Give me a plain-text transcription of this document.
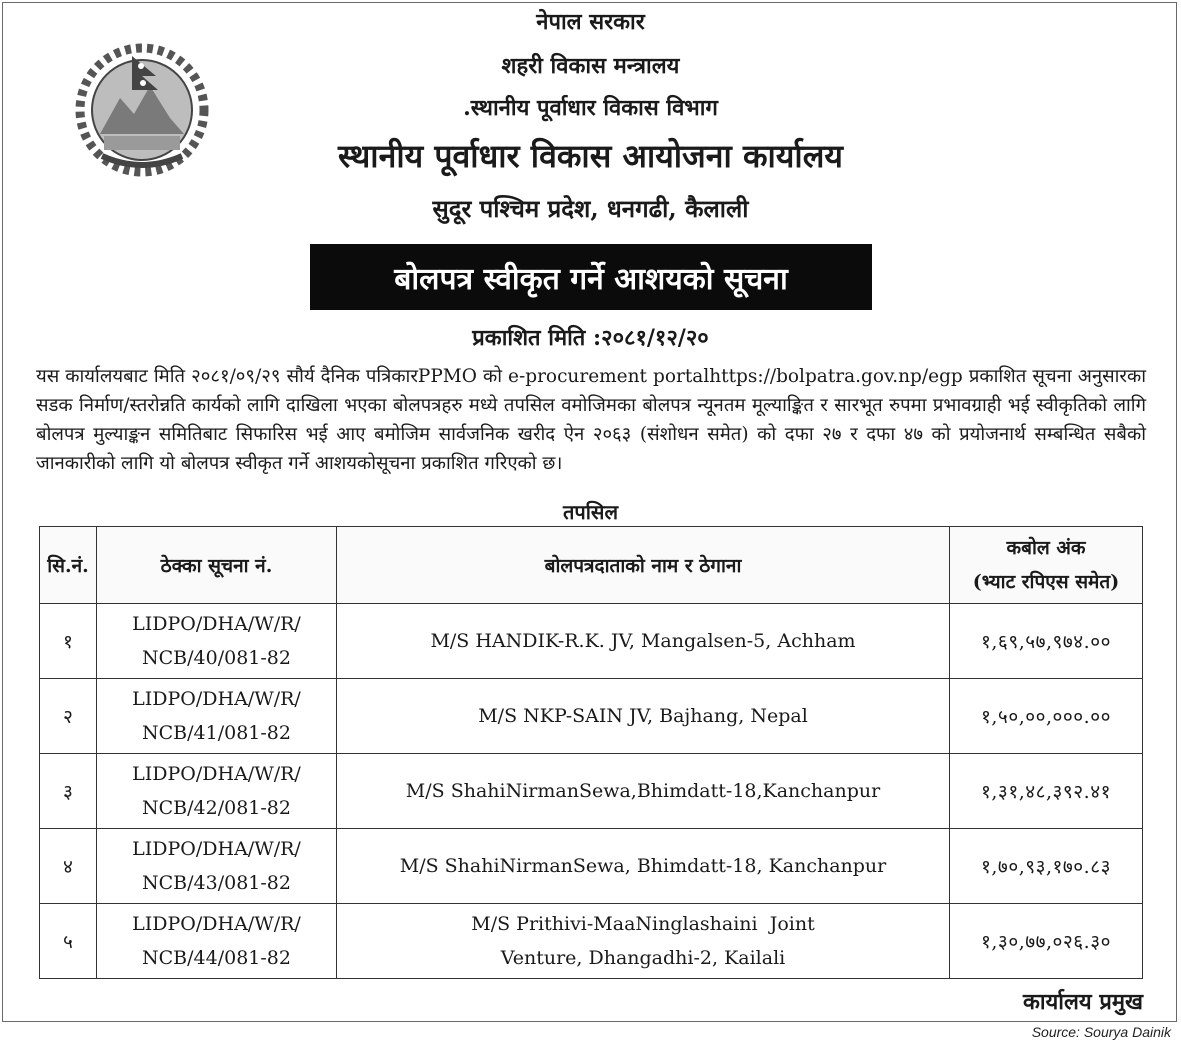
नेपाल सरकार
शहरी विकास मन्त्रालय
.स्थानीय पूर्वाधार विकास विभाग
स्थानीय पूर्वाधार विकास आयोजना कार्यालय
सुदूर पश्चिम प्रदेश, धनगढी, कैलाली
बोलपत्र स्वीकृत गर्ने आशयको सूचना
प्रकाशित मिति :२०८१/१२/२०
यस कार्यालयबाट मिति २०८१/०९/२९ सौर्य दैनिक पत्रिकारPPMO को e-procurement portalhttps://bolpatra.gov.np/egp प्रकाशित सूचना अनुसारका सडक निर्माण/स्तरोन्नति कार्यको लागि दाखिला भएका बोलपत्रहरु मध्ये तपसिल वमोजिमका बोलपत्र न्यूनतम मूल्याङ्कित र सारभूत रुपमा प्रभावग्राही भई स्वीकृतिको लागि बोलपत्र मुल्याङ्कन समितिबाट सिफारिस भई आए बमोजिम सार्वजनिक खरीद ऐन २०६३ (संशोधन समेत) को दफा २७ र दफा ४७ को प्रयोजनार्थ सम्बन्धित सबैको जानकारीको लागि यो बोलपत्र स्वीकृत गर्ने आशयकोसूचना प्रकाशित गरिएको छ।
तपसिल
सि.नं.	ठेक्का सूचना नं.	बोलपत्रदाताको नाम र ठेगाना	कबोल अंक
(भ्याट रपिएस समेत)

१	LIDPO/DHA/W/R/
NCB/40/081-82	M/S HANDIK-R.K. JV, Mangalsen-5, Achham	१,६९,५७,९७४.००
२	LIDPO/DHA/W/R/
NCB/41/081-82	M/S NKP-SAIN JV, Bajhang, Nepal	१,५०,००,०००.००
३	LIDPO/DHA/W/R/
NCB/42/081-82	M/S ShahiNirmanSewa,Bhimdatt-18,Kanchanpur	१,३१,४८,३९२.४१
४	LIDPO/DHA/W/R/
NCB/43/081-82	M/S ShahiNirmanSewa, Bhimdatt-18, Kanchanpur	१,७०,९३,१७०.८३
५	LIDPO/DHA/W/R/
NCB/44/081-82	M/S Prithivi-MaaNinglashaini  Joint
Venture, Dhangadhi-2, Kailali	१,३०,७७,०२६.३०
कार्यालय प्रमुख
Source: Sourya Dainik
